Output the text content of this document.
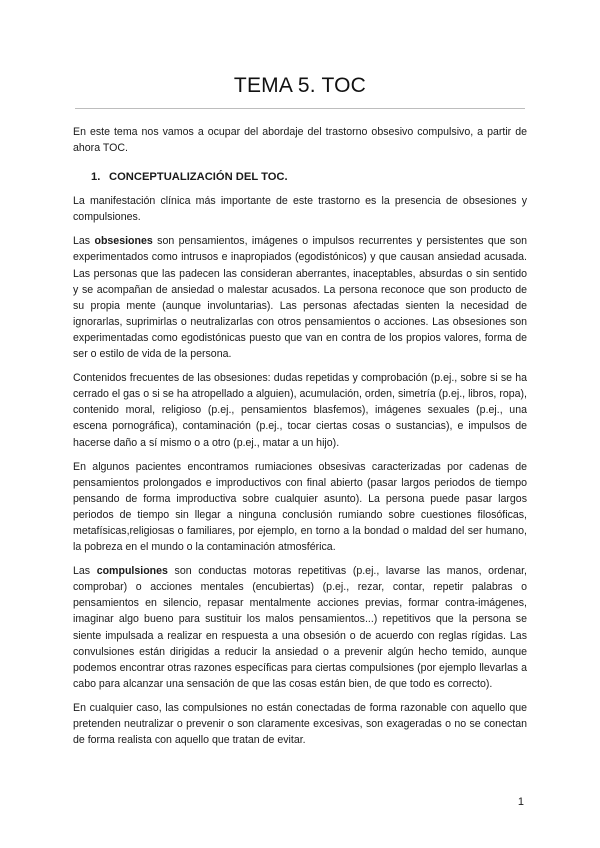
TEMA 5. TOC

En este tema nos vamos a ocupar del abordaje del trastorno obsesivo compulsivo, a partir de ahora TOC.

1. CONCEPTUALIZACIÓN DEL TOC.

La manifestación clínica más importante de este trastorno es la presencia de obsesiones y compulsiones.

Las obsesiones son pensamientos, imágenes o impulsos recurrentes y persistentes que son experimentados como intrusos e inapropiados (egodistónicos) y que causan ansiedad acusada. Las personas que las padecen las consideran aberrantes, inaceptables, absurdas o sin sentido y se acompañan de ansiedad o malestar acusados. La persona reconoce que son producto de su propia mente (aunque involuntarias). Las personas afectadas sienten la necesidad de ignorarlas, suprimirlas o neutralizarlas con otros pensamientos o acciones. Las obsesiones son experimentadas como egodistónicas puesto que van en contra de los propios valores, forma de ser o estilo de vida de la persona.

Contenidos frecuentes de las obsesiones: dudas repetidas y comprobación (p.ej., sobre si se ha cerrado el gas o si se ha atropellado a alguien), acumulación, orden, simetría (p.ej., libros, ropa), contenido moral, religioso (p.ej., pensamientos blasfemos), imágenes sexuales (p.ej., una escena pornográfica), contaminación (p.ej., tocar ciertas cosas o sustancias), e impulsos de hacerse daño a sí mismo o a otro (p.ej., matar a un hijo).

En algunos pacientes encontramos rumiaciones obsesivas caracterizadas por cadenas de pensamientos prolongados e improductivos con final abierto (pasar largos periodos de tiempo pensando de forma improductiva sobre cualquier asunto). La persona puede pasar largos periodos de tiempo sin llegar a ninguna conclusión rumiando sobre cuestiones filosóficas, metafísicas,religiosas o familiares, por ejemplo, en torno a la bondad o maldad del ser humano, la pobreza en el mundo o la contaminación atmosférica.

Las compulsiones son conductas motoras repetitivas (p.ej., lavarse las manos, ordenar, comprobar) o acciones mentales (encubiertas) (p.ej., rezar, contar, repetir palabras o pensamientos en silencio, repasar mentalmente acciones previas, formar contra-imágenes, imaginar algo bueno para sustituir los malos pensamientos...) repetitivos que la persona se siente impulsada a realizar en respuesta a una obsesión o de acuerdo con reglas rígidas. Las convulsiones están dirigidas a reducir la ansiedad o a prevenir algún hecho temido, aunque podemos encontrar otras razones específicas para ciertas compulsiones (por ejemplo llevarlas a cabo para alcanzar una sensación de que las cosas están bien, de que todo es correcto).

En cualquier caso, las compulsiones no están conectadas de forma razonable con aquello que pretenden neutralizar o prevenir o son claramente excesivas, son exageradas o no se conectan de forma realista con aquello que tratan de evitar.

1
